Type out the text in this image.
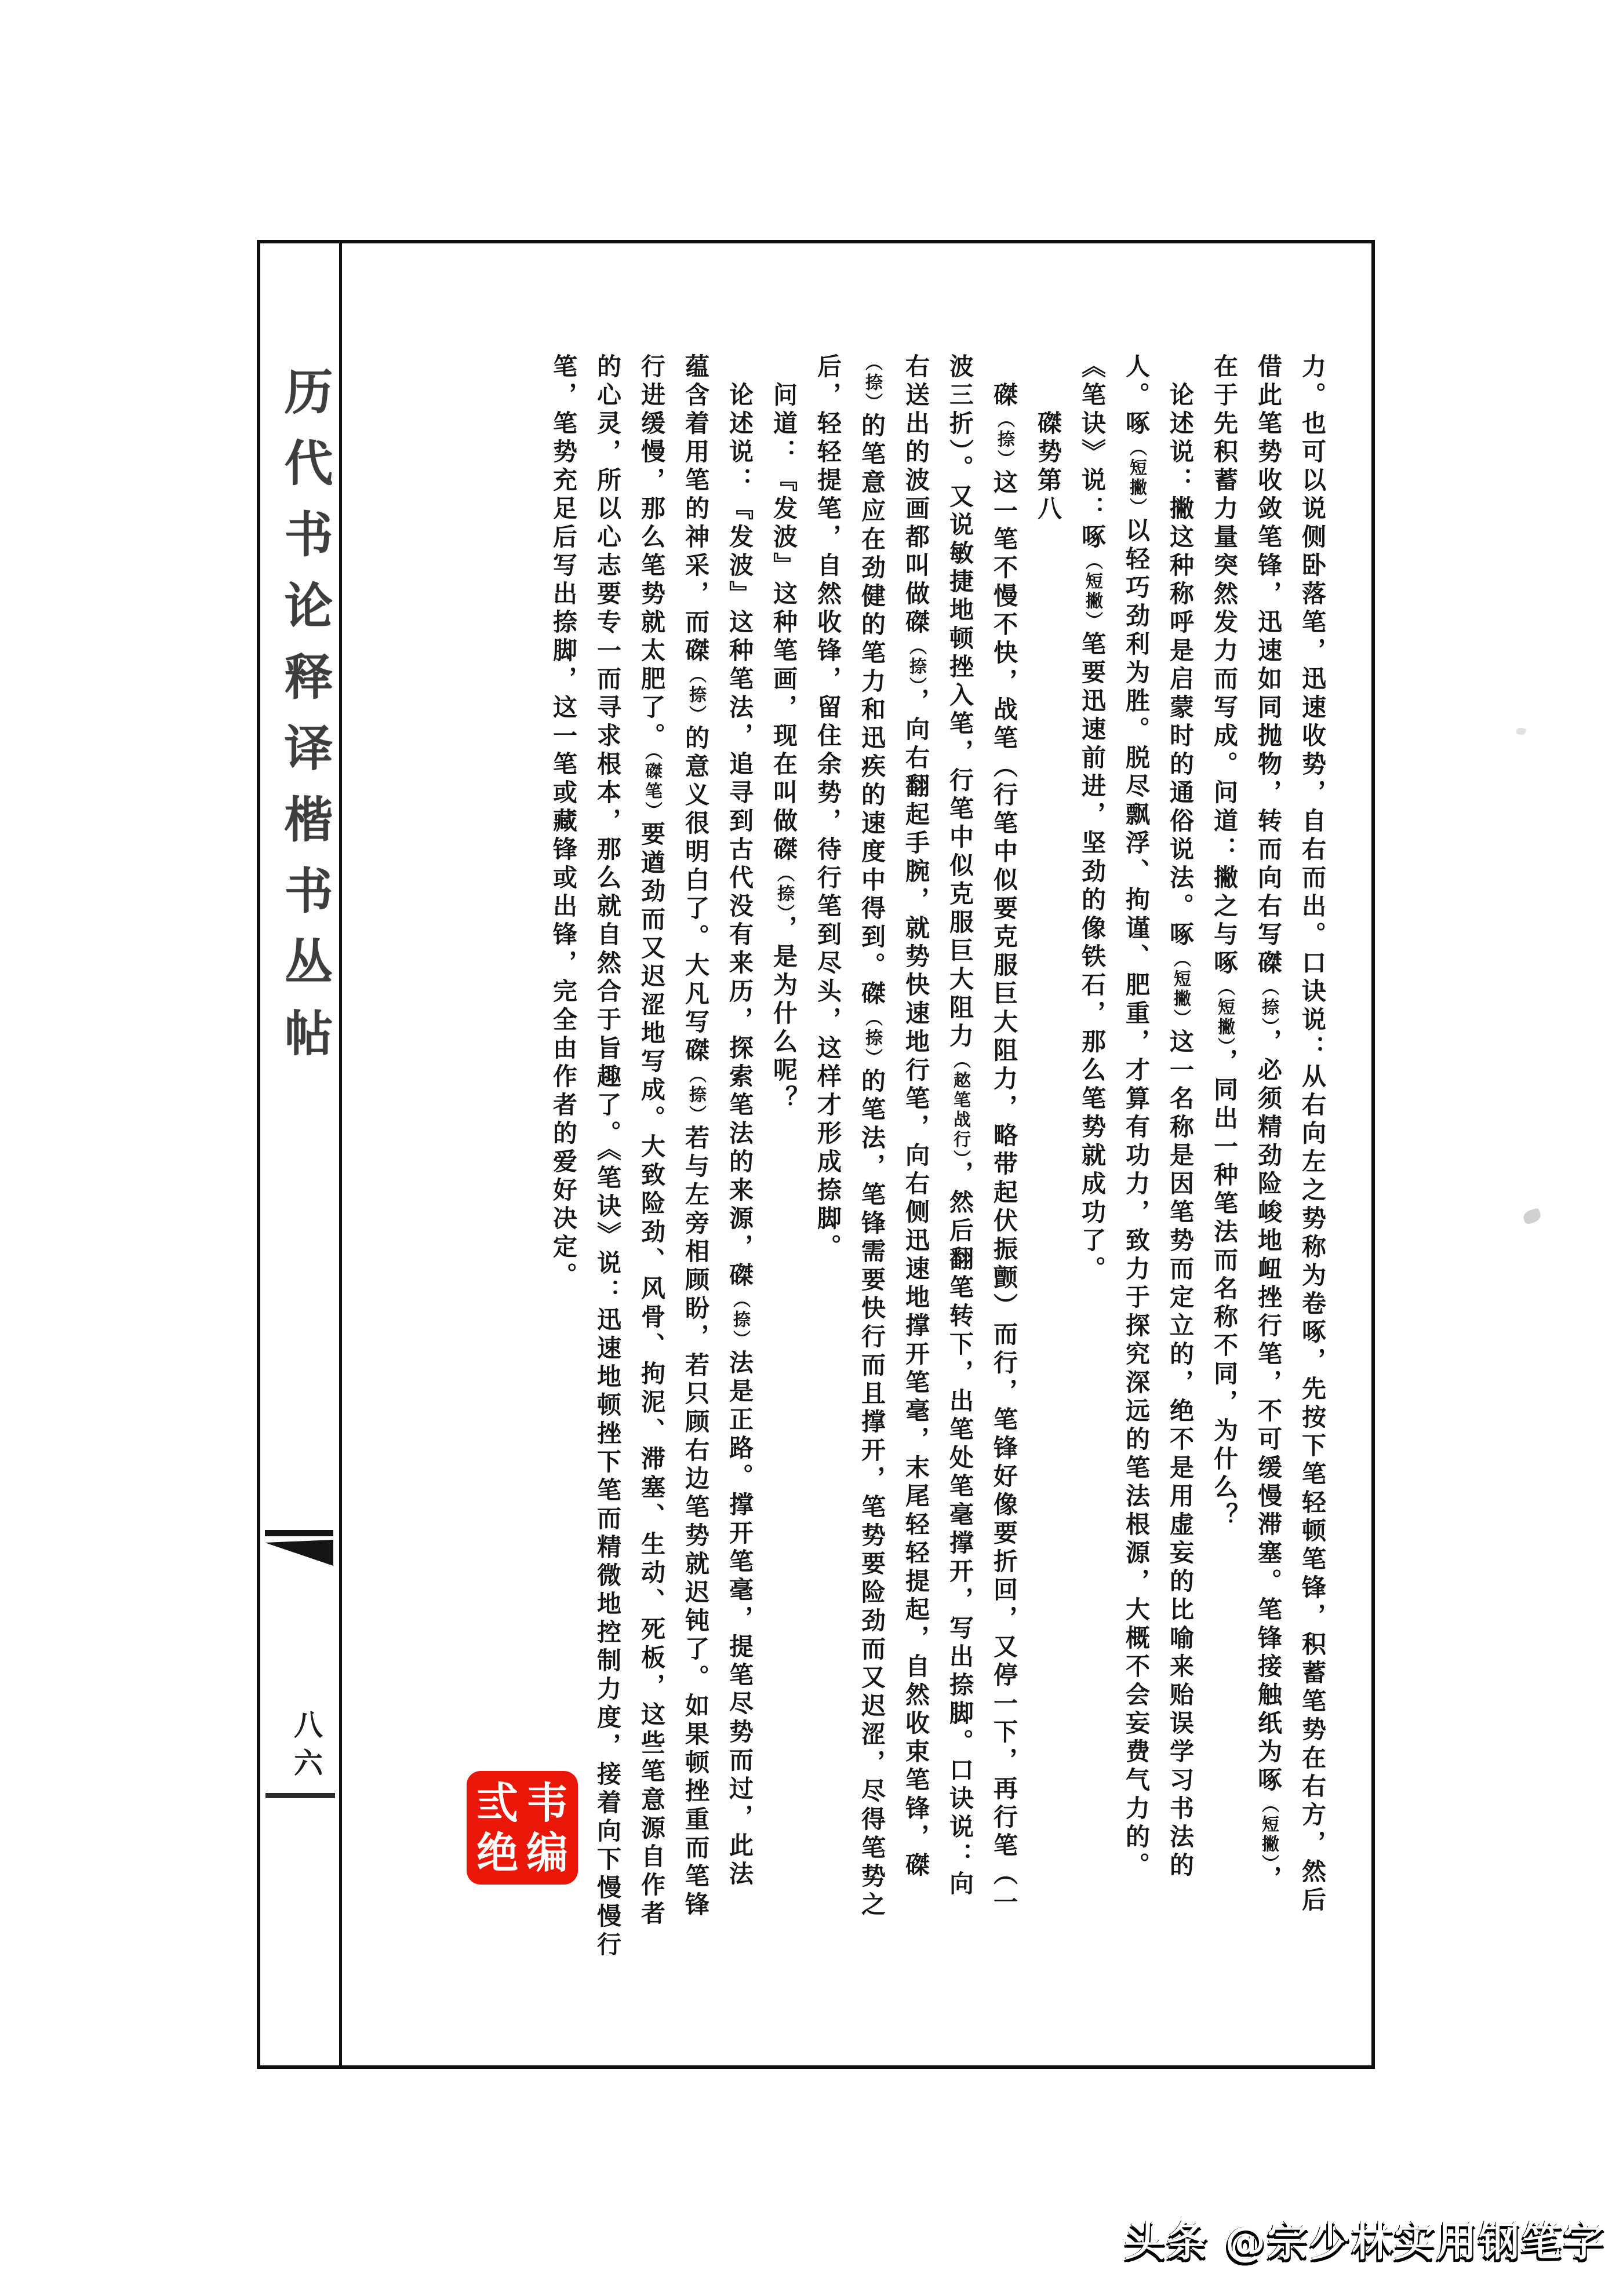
历代书论释译楷书丛帖
八六	力。也可以说侧卧落笔，迅速收势，自右而出。口诀说：从右向左之势称为卷啄，先按下笔轻顿笔锋，积蓄笔势在右方，然后

借此笔势收敛笔锋，迅速如同抛物，转而向右写磔（捺），必须精劲险峻地衄挫行笔，不可缓慢滞塞。笔锋接触纸为啄（短撇），

在于先积蓄力量突然发力而写成。问道：撇之与啄（短撇），同出一种笔法而名称不同，为什么？

论述说：撇这种称呼是启蒙时的通俗说法。啄（短撇）这一名称是因笔势而定立的，绝不是用虚妄的比喻来贻误学习书法的

人。啄（短撇）以轻巧劲利为胜。脱尽飘浮、拘谨、肥重，才算有功力，致力于探究深远的笔法根源，大概不会妄费气力的。

《笔诀》说：啄（短撇）笔要迅速前进，坚劲的像铁石，那么笔势就成功了。

磔势第八

磔（捺）这一笔不慢不快，战笔（行笔中似要克服巨大阻力，略带起伏振颤）而行，笔锋好像要折回，又停一下，再行笔（一

波三折）。又说敏捷地顿挫入笔，行笔中似克服巨大阻力（趑笔战行），然后翻笔转下，出笔处笔毫撑开，写出捺脚。口诀说：向

右送出的波画都叫做磔（捺），向右翻起手腕，就势快速地行笔，向右侧迅速地撑开笔毫，末尾轻轻提起，自然收束笔锋，磔

（捺）的笔意应在劲健的笔力和迅疾的速度中得到。磔（捺）的笔法，笔锋需要快行而且撑开，笔势要险劲而又迟涩，尽得笔势之

后，轻轻提笔，自然收锋，留住余势，待行笔到尽头，这样才形成捺脚。

问道：『发波』这种笔画，现在叫做磔（捺），是为什么呢？

论述说：『发波』这种笔法，追寻到古代没有来历，探索笔法的来源，磔（捺）法是正路。撑开笔毫，提笔尽势而过，此法

蕴含着用笔的神采，而磔（捺）的意义很明白了。大凡写磔（捺）若与左旁相顾盼，若只顾右边笔势就迟钝了。如果顿挫重而笔锋

行进缓慢，那么笔势就太肥了。（磔笔）要遒劲而又迟涩地写成。大致险劲、风骨、拘泥、滞塞、生动、死板，这些笔意源自作者

的心灵，所以心志要专一而寻求根本，那么就自然合于旨趣了。《笔诀》说：迅速地顿挫下笔而精微地控制力度，接着向下慢慢行

笔，笔势充足后写出捺脚，这一笔或藏锋或出锋，完全由作者的爱好决定。

韦
弎
编
绝
头条 @宗少林实用钢笔字
